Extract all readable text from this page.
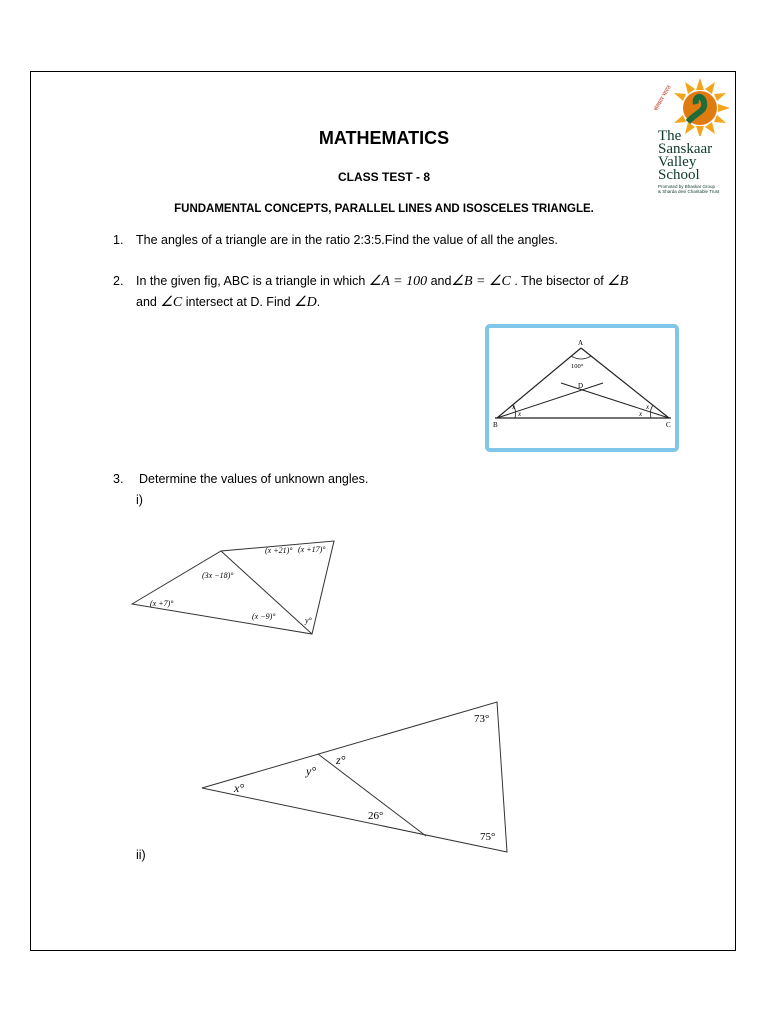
संस्कार भारत
The
Sanskaar
Valley
School
Promoted by Bhaskar Group
& Sharda devi Charitable Trust
MATHEMATICS
CLASS TEST - 8
FUNDAMENTAL CONCEPTS, PARALLEL LINES AND ISOSCELES TRIANGLE.
1. The angles of a triangle are in the ratio 2:3:5.Find the value of all the angles.
2. In the given fig, ABC is a triangle in which ∠A = 100 and∠B = ∠C . The bisector of ∠B
and ∠C intersect at D. Find ∠D.
A
100°
D
B	C
x
x
x
x
3. Determine the values of unknown angles.
i)
(x +21)° (x +17)°
(3x −18)°
(x +7)°
(x −9)°	y°
73°
z°
y°
x°
26°
75°
ii)
